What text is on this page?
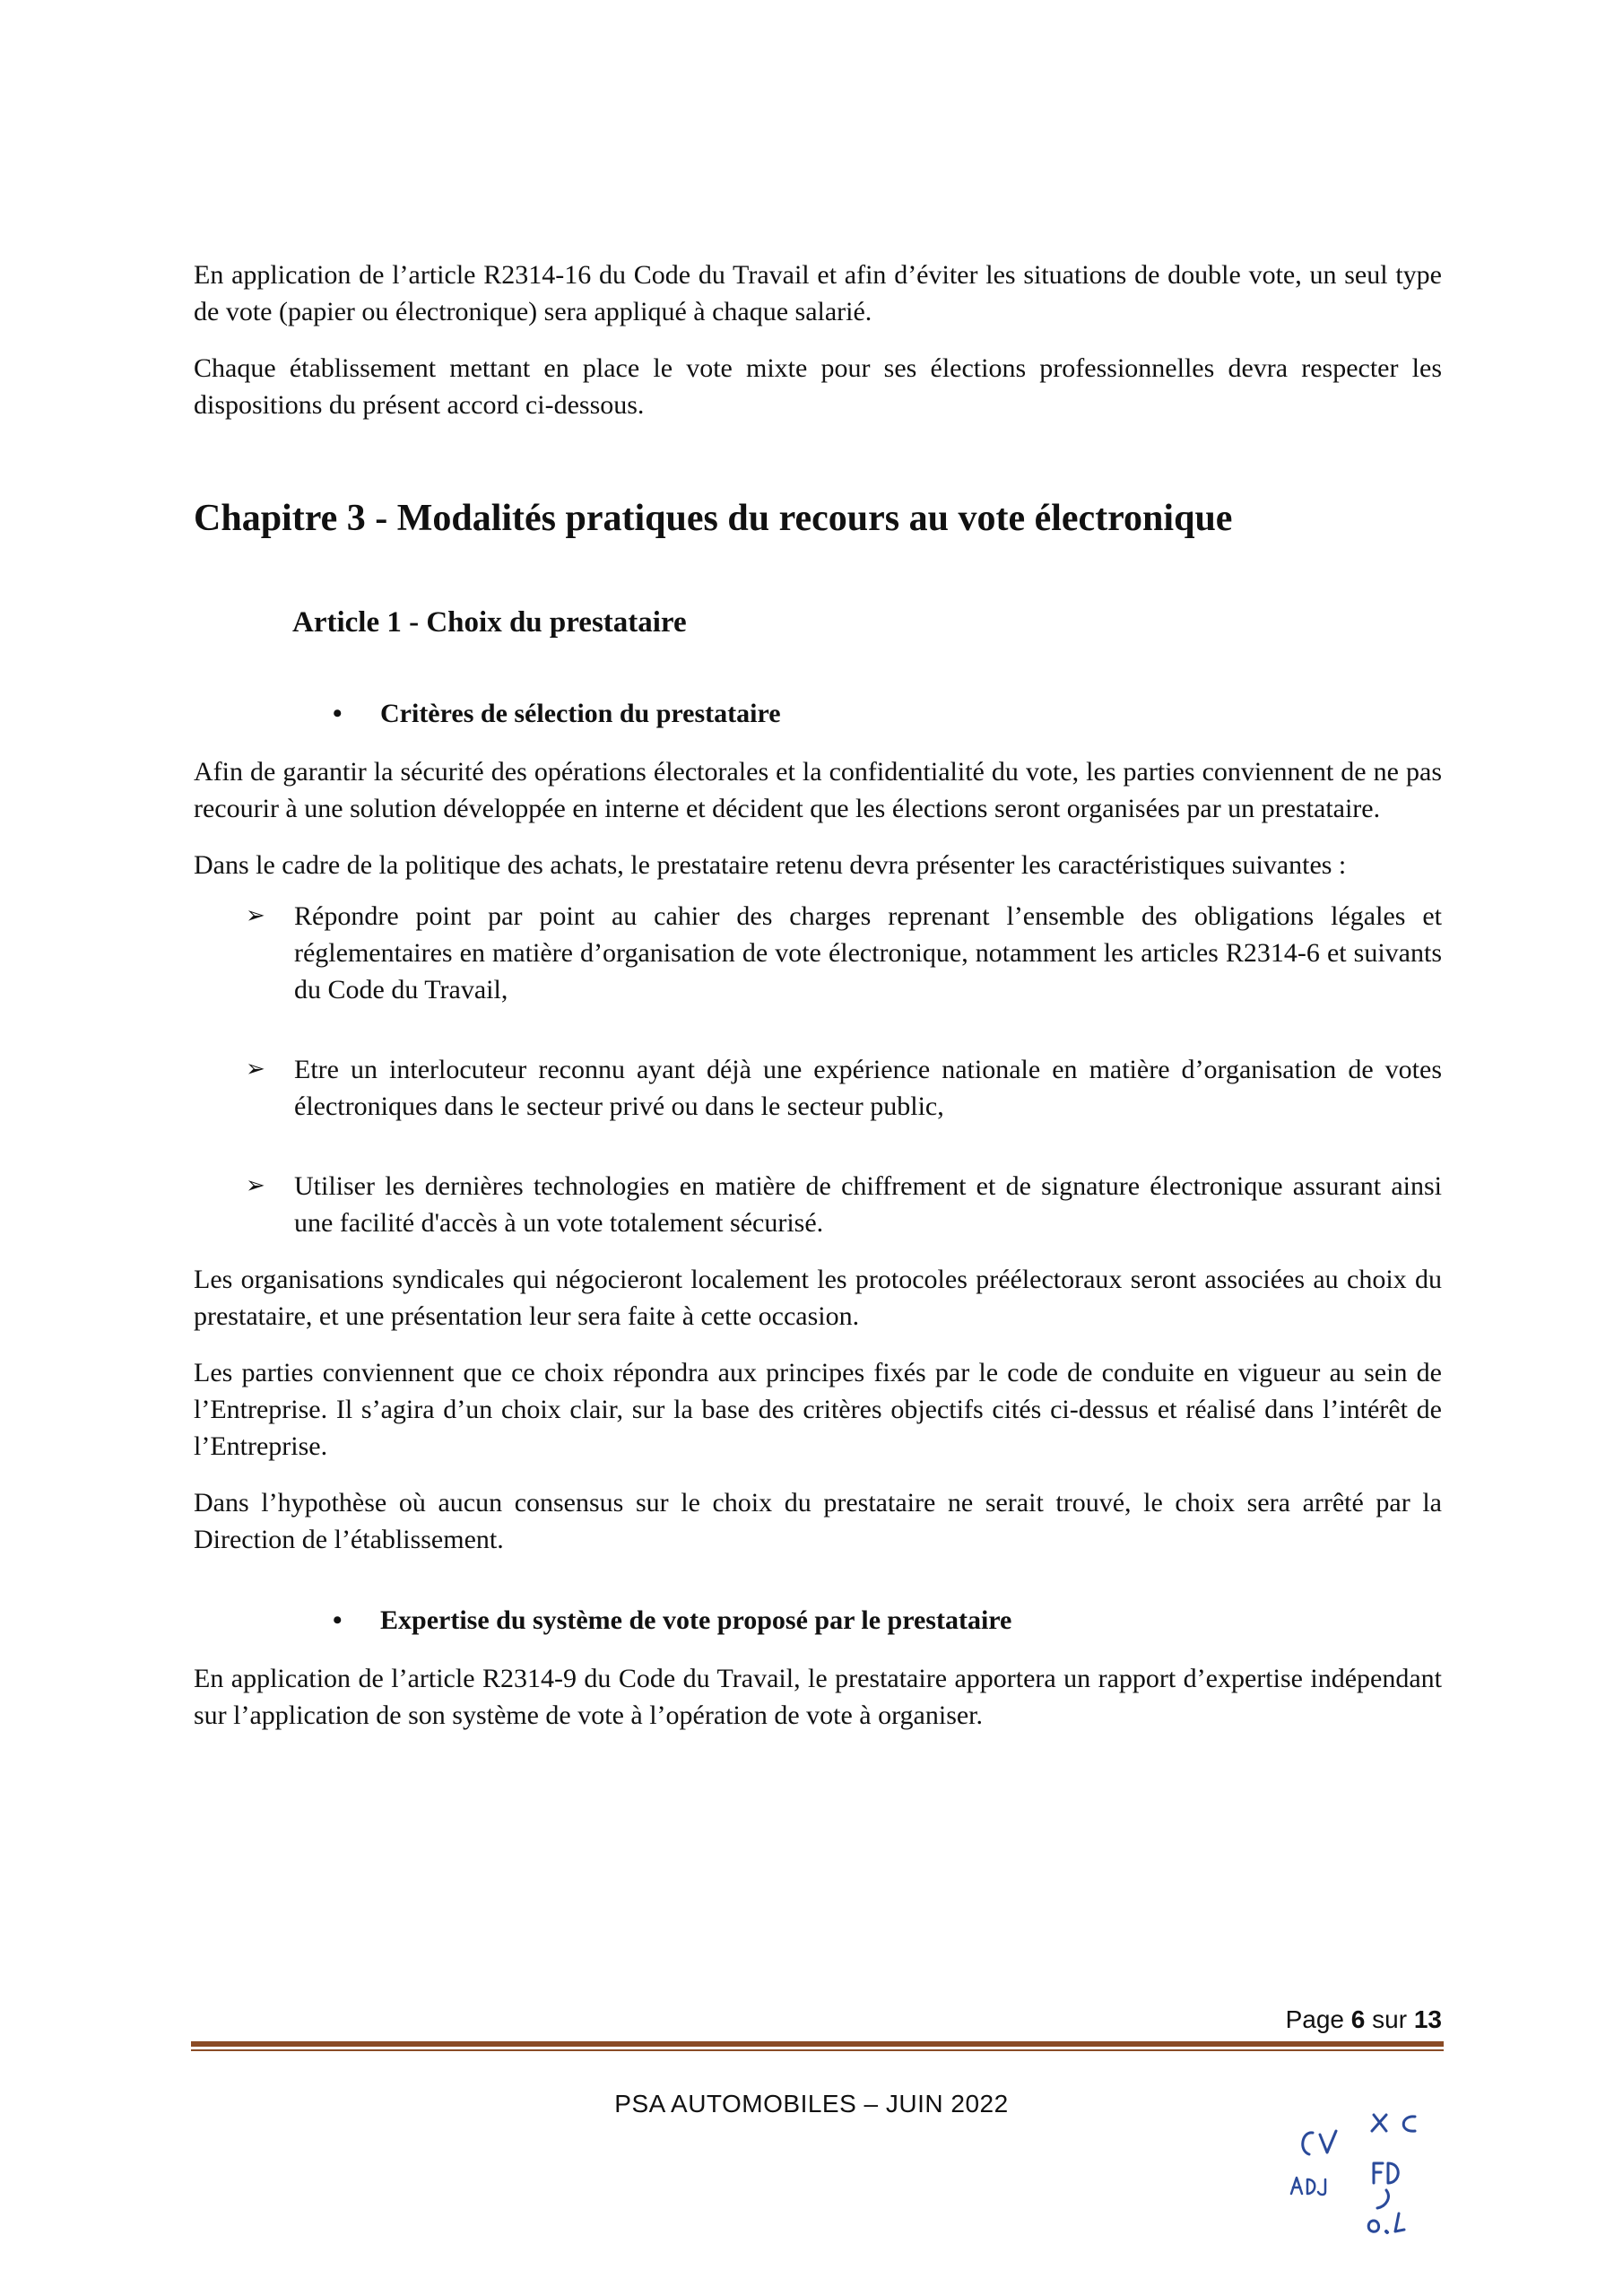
En application de l’article R2314-16 du Code du Travail et afin d’éviter les situations de double vote, un seul type de vote (papier ou électronique) sera appliqué à chaque salarié.

Chaque établissement mettant en place le vote mixte pour ses élections professionnelles devra respecter les dispositions du présent accord ci-dessous.

Chapitre 3 - Modalités pratiques du recours au vote électronique
Article 1 - Choix du prestataire
• Critères de sélection du prestataire

Afin de garantir la sécurité des opérations électorales et la confidentialité du vote, les parties conviennent de ne pas recourir à une solution développée en interne et décident que les élections seront organisées par un prestataire.

Dans le cadre de la politique des achats, le prestataire retenu devra présenter les caractéristiques suivantes :

➢ Répondre point par point au cahier des charges reprenant l’ensemble des obligations légales et réglementaires en matière d’organisation de vote électronique, notamment les articles R2314-6 et suivants du Code du Travail,
➢ Etre un interlocuteur reconnu ayant déjà une expérience nationale en matière d’organisation de votes électroniques dans le secteur privé ou dans le secteur public,
➢ Utiliser les dernières technologies en matière de chiffrement et de signature électronique assurant ainsi une facilité d'accès à un vote totalement sécurisé.

Les organisations syndicales qui négocieront localement les protocoles préélectoraux seront associées au choix du prestataire, et une présentation leur sera faite à cette occasion.

Les parties conviennent que ce choix répondra aux principes fixés par le code de conduite en vigueur au sein de l’Entreprise. Il s’agira d’un choix clair, sur la base des critères objectifs cités ci-dessus et réalisé dans l’intérêt de l’Entreprise.

Dans l’hypothèse où aucun consensus sur le choix du prestataire ne serait trouvé, le choix sera arrêté par la Direction de l’établissement.

• Expertise du système de vote proposé par le prestataire

En application de l’article R2314-9 du Code du Travail, le prestataire apportera un rapport d’expertise indépendant sur l’application de son système de vote à l’opération de vote à organiser.

Page 6 sur 13
PSA AUTOMOBILES – JUIN 2022
